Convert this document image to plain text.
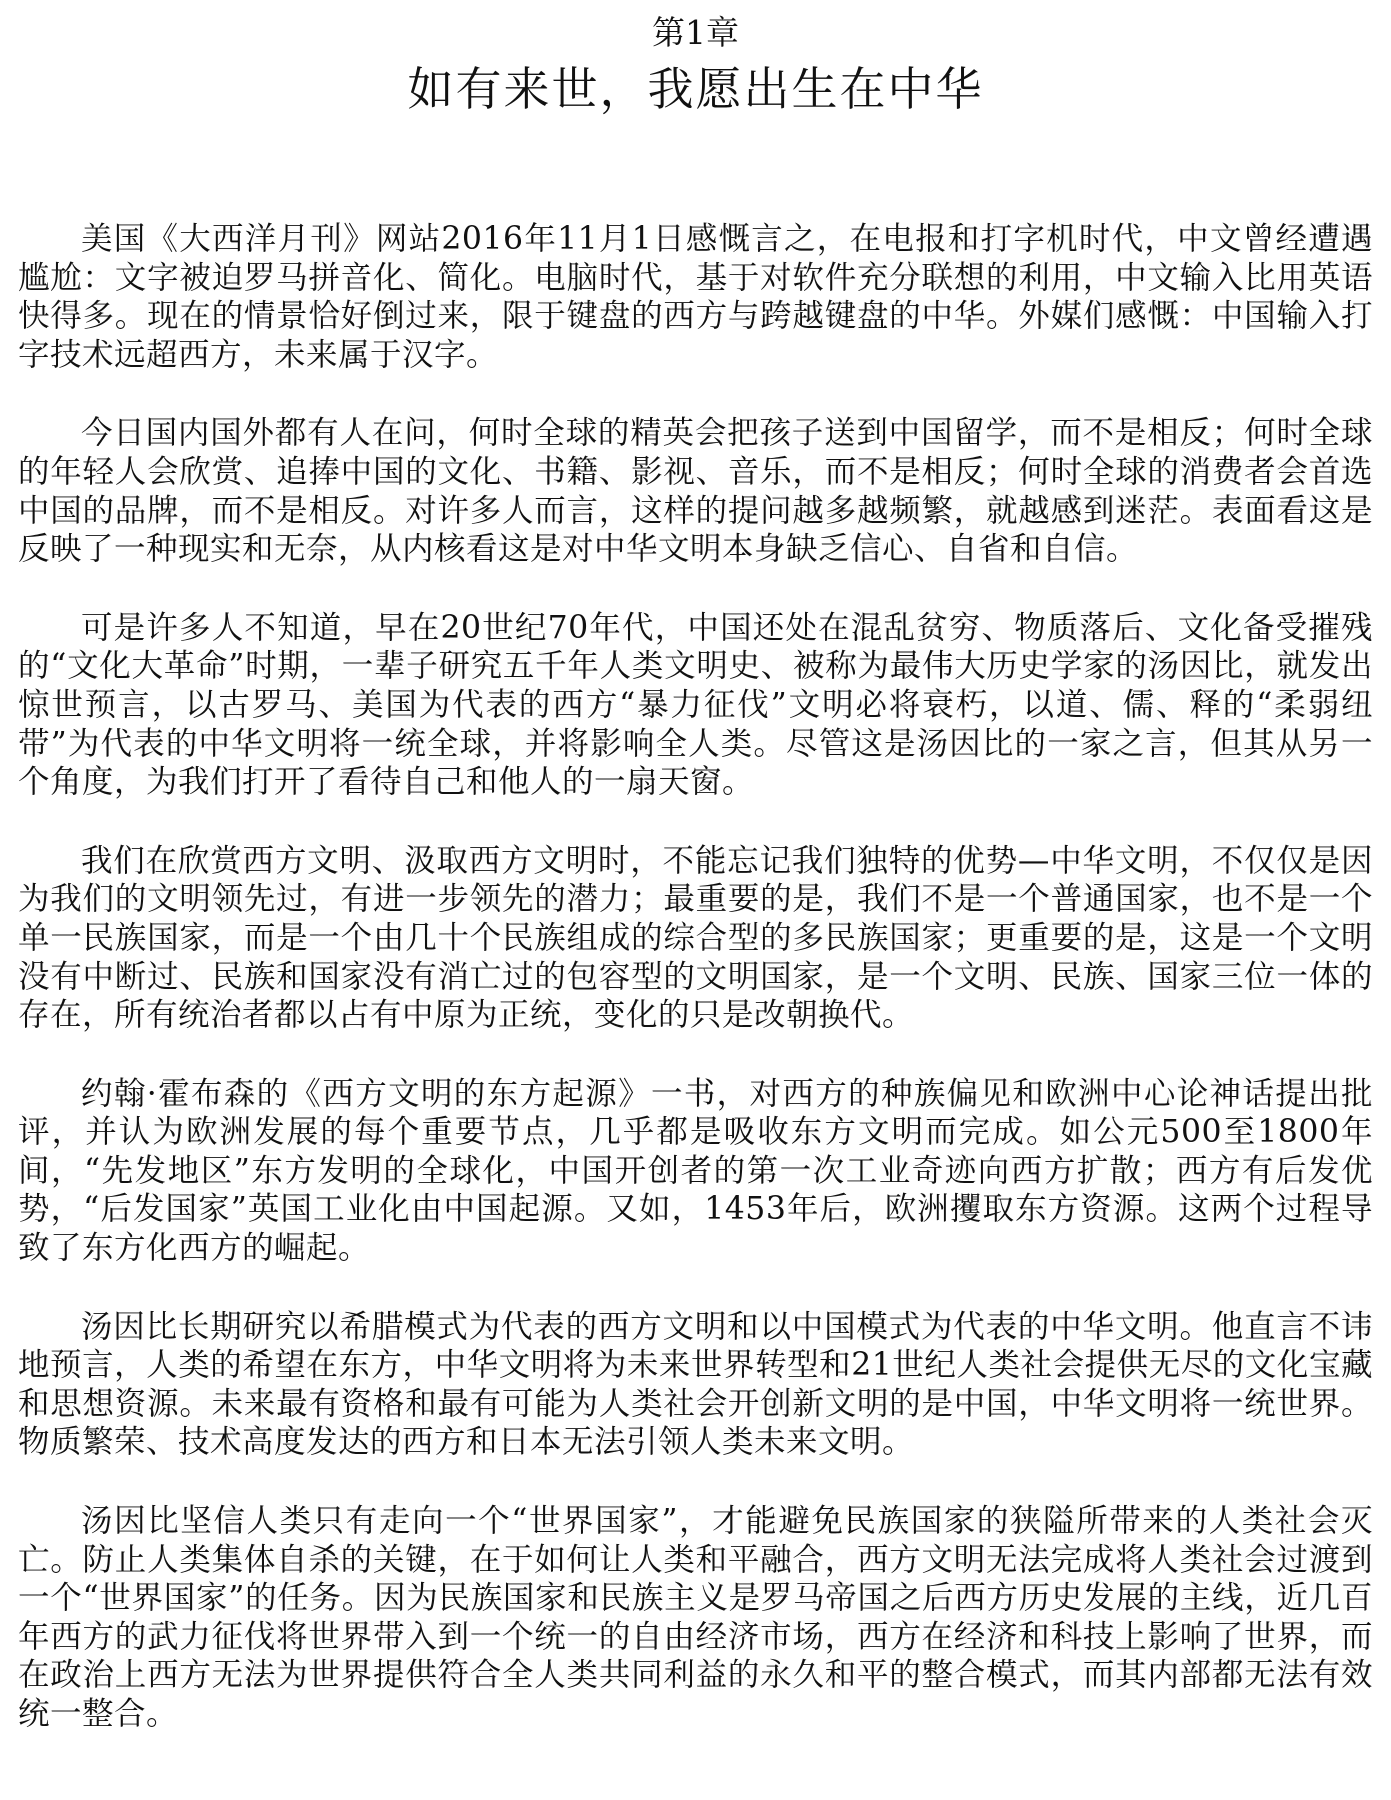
第1章
如有来世，我愿出生在中华

美国《大西洋月刊》网站2016年11月1日感慨言之，在电报和打字机时代，中文曾经遭遇尴尬：文字被迫罗马拼音化、简化。电脑时代，基于对软件充分联想的利用，中文输入比用英语快得多。现在的情景恰好倒过来，限于键盘的西方与跨越键盘的中华。外媒们感慨：中国输入打字技术远超西方，未来属于汉字。

今日国内国外都有人在问，何时全球的精英会把孩子送到中国留学，而不是相反；何时全球的年轻人会欣赏、追捧中国的文化、书籍、影视、音乐，而不是相反；何时全球的消费者会首选中国的品牌，而不是相反。对许多人而言，这样的提问越多越频繁，就越感到迷茫。表面看这是反映了一种现实和无奈，从内核看这是对中华文明本身缺乏信心、自省和自信。

可是许多人不知道，早在20世纪70年代，中国还处在混乱贫穷、物质落后、文化备受摧残的“文化大革命”时期，一辈子研究五千年人类文明史、被称为最伟大历史学家的汤因比，就发出惊世预言，以古罗马、美国为代表的西方“暴力征伐”文明必将衰朽，以道、儒、释的“柔弱纽带”为代表的中华文明将一统全球，并将影响全人类。尽管这是汤因比的一家之言，但其从另一个角度，为我们打开了看待自己和他人的一扇天窗。

我们在欣赏西方文明、汲取西方文明时，不能忘记我们独特的优势—中华文明，不仅仅是因为我们的文明领先过，有进一步领先的潜力；最重要的是，我们不是一个普通国家，也不是一个单一民族国家，而是一个由几十个民族组成的综合型的多民族国家；更重要的是，这是一个文明没有中断过、民族和国家没有消亡过的包容型的文明国家，是一个文明、民族、国家三位一体的存在，所有统治者都以占有中原为正统，变化的只是改朝换代。

约翰·霍布森的《西方文明的东方起源》一书，对西方的种族偏见和欧洲中心论神话提出批评，并认为欧洲发展的每个重要节点，几乎都是吸收东方文明而完成。如公元500至1800年间，“先发地区”东方发明的全球化，中国开创者的第一次工业奇迹向西方扩散；西方有后发优势，“后发国家”英国工业化由中国起源。又如，1453年后，欧洲攫取东方资源。这两个过程导致了东方化西方的崛起。

汤因比长期研究以希腊模式为代表的西方文明和以中国模式为代表的中华文明。他直言不讳地预言，人类的希望在东方，中华文明将为未来世界转型和21世纪人类社会提供无尽的文化宝藏和思想资源。未来最有资格和最有可能为人类社会开创新文明的是中国，中华文明将一统世界。物质繁荣、技术高度发达的西方和日本无法引领人类未来文明。

汤因比坚信人类只有走向一个“世界国家”，才能避免民族国家的狭隘所带来的人类社会灭亡。防止人类集体自杀的关键，在于如何让人类和平融合，西方文明无法完成将人类社会过渡到一个“世界国家”的任务。因为民族国家和民族主义是罗马帝国之后西方历史发展的主线，近几百年西方的武力征伐将世界带入到一个统一的自由经济市场，西方在经济和科技上影响了世界，而在政治上西方无法为世界提供符合全人类共同利益的永久和平的整合模式，而其内部都无法有效统一整合。
